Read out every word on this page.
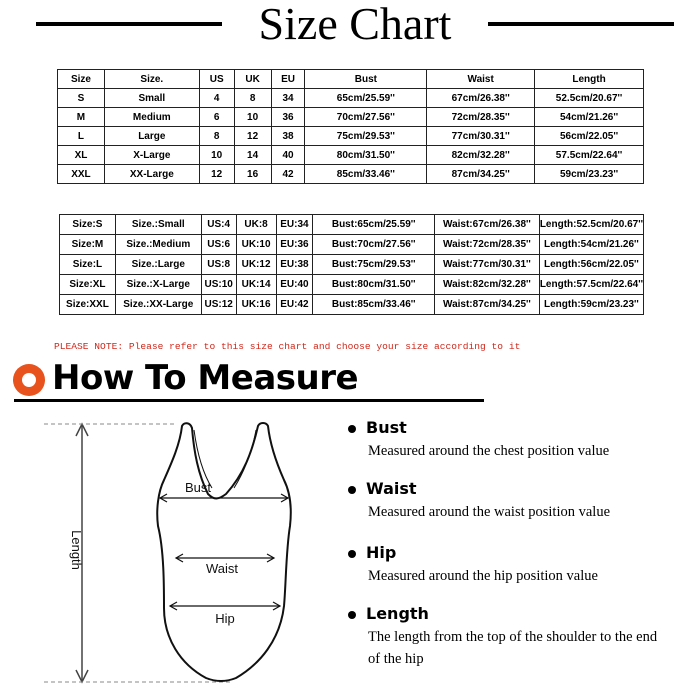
Size Chart
Size	Size.	US	UK	EU	Bust	Waist	Length
S	Small	4	8	34	65cm/25.59''	67cm/26.38''	52.5cm/20.67''
M	Medium	6	10	36	70cm/27.56''	72cm/28.35''	54cm/21.26''
L	Large	8	12	38	75cm/29.53''	77cm/30.31''	56cm/22.05''
XL	X-Large	10	14	40	80cm/31.50''	82cm/32.28''	57.5cm/22.64''
XXL	XX-Large	12	16	42	85cm/33.46''	87cm/34.25''	59cm/23.23''
Size:S	Size.:Small	US:4	UK:8	EU:34	Bust:65cm/25.59''	Waist:67cm/26.38''	Length:52.5cm/20.67''
Size:M	Size.:Medium	US:6	UK:10	EU:36	Bust:70cm/27.56''	Waist:72cm/28.35''	Length:54cm/21.26''
Size:L	Size.:Large	US:8	UK:12	EU:38	Bust:75cm/29.53''	Waist:77cm/30.31''	Length:56cm/22.05''
Size:XL	Size.:X-Large	US:10	UK:14	EU:40	Bust:80cm/31.50''	Waist:82cm/32.28''	Length:57.5cm/22.64''
Size:XXL	Size.:XX-Large	US:12	UK:16	EU:42	Bust:85cm/33.46''	Waist:87cm/34.25''	Length:59cm/23.23''
PLEASE NOTE: Please refer to this size chart and choose your size according to it
How To Measure
Length
Bust
Waist
Hip
Bust
Measured around the chest position value
Waist
Measured around the waist position value
Hip
Measured around the hip position value
Length
The length from the top of the shoulder to the end of the hip
